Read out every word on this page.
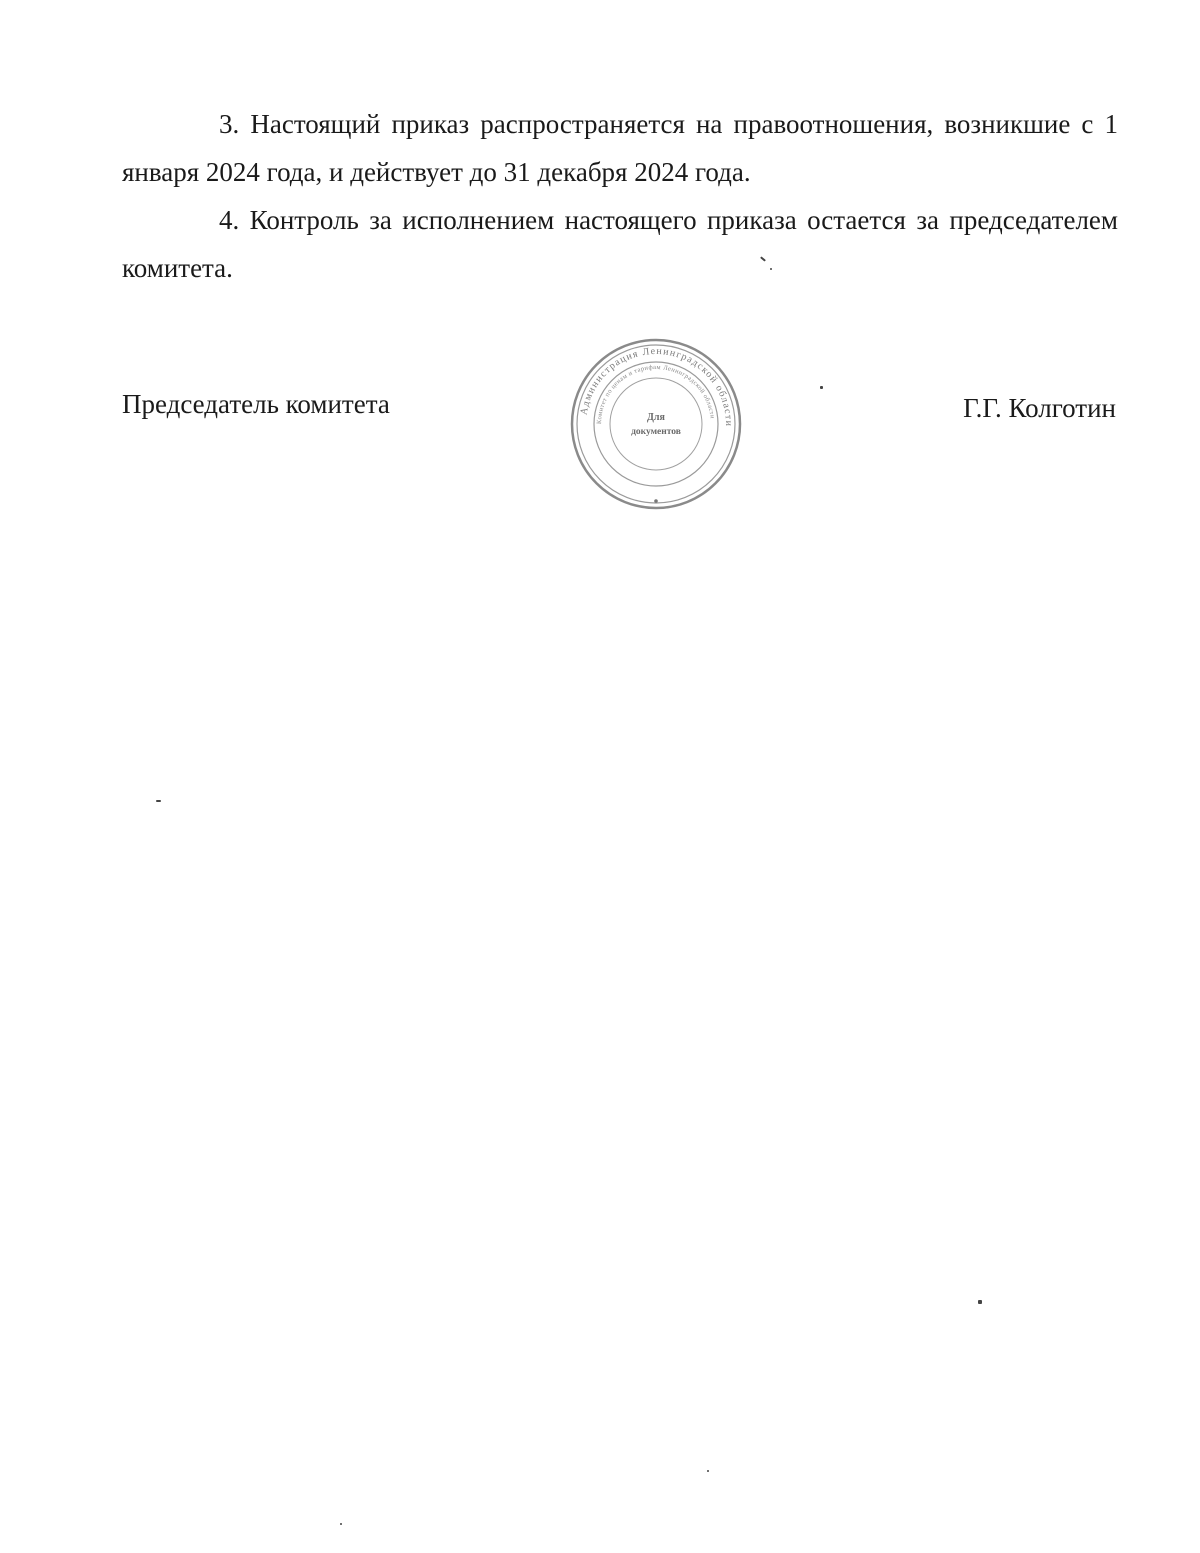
3. Настоящий приказ распространяется на правоотношения, возникшие с 1 января 2024 года, и действует до 31 декабря 2024 года.

4. Контроль за исполнением настоящего приказа остается за председателем комитета.

Председатель комитета	Администрация Ленинградской области
Комитет по ценам и тарифам Ленинградской области
Для
документов
Г.Г. Колготин
